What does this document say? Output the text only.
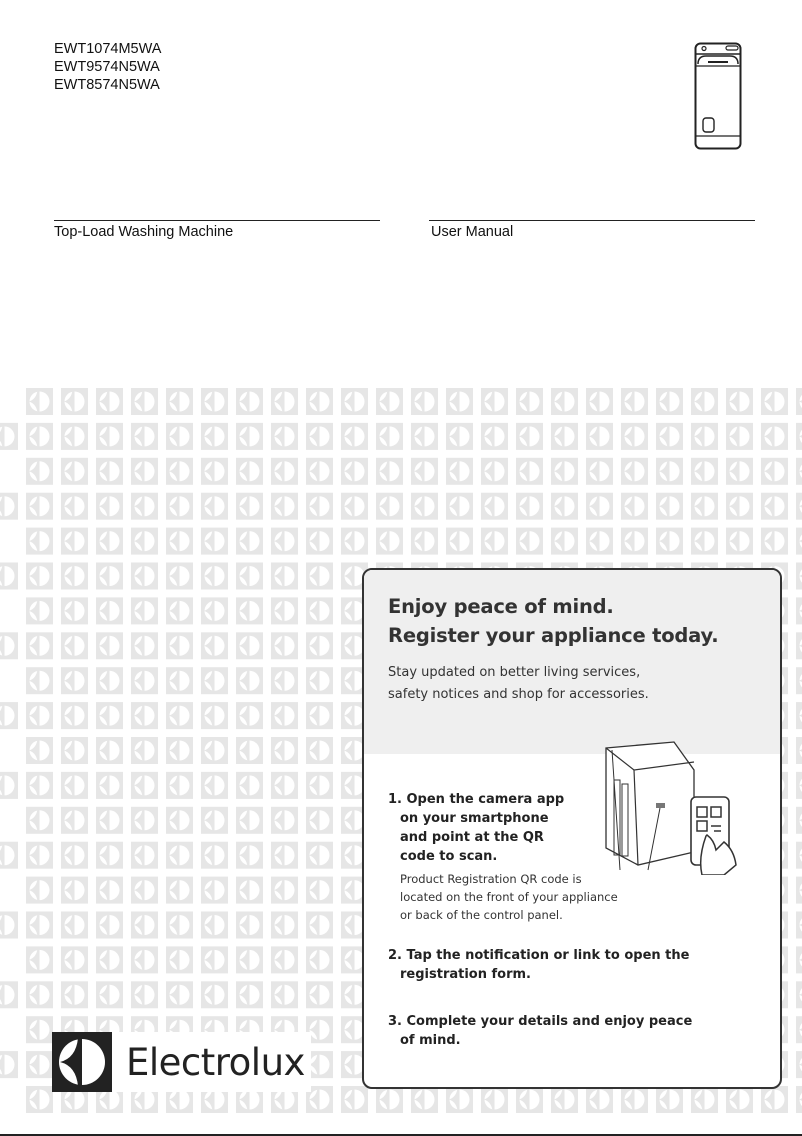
EWT1074M5WA
EWT9574N5WA
EWT8574N5WA
Top-Load Washing Machine	User Manual
Enjoy peace of mind.
Register your appliance today.
Stay updated on better living services,
safety notices and shop for accessories.
1. Open the camera app
on your smartphone
and point at the QR
code to scan.
Product Registration QR code is
located on the front of your appliance
or back of the control panel.
2. Tap the notification or link to open the
registration form.
3. Complete your details and enjoy peace
of mind.
Electrolux
